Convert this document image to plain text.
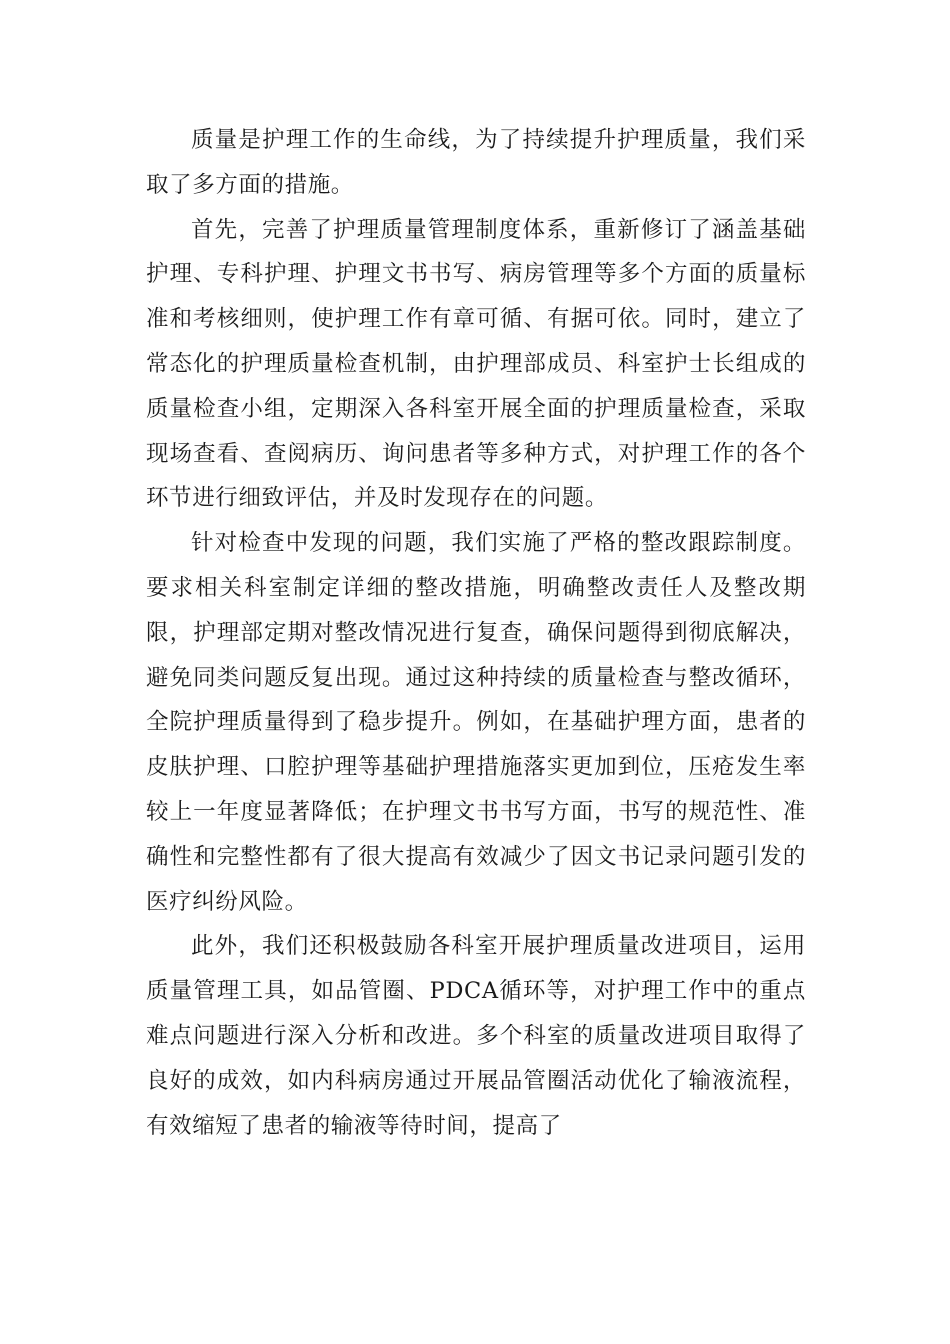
质量是护理工作的生命线，为了持续提升护理质量，我们采取了多方面的措施。

首先，完善了护理质量管理制度体系，重新修订了涵盖基础护理、专科护理、护理文书书写、病房管理等多个方面的质量标准和考核细则，使护理工作有章可循、有据可依。同时，建立了常态化的护理质量检查机制，由护理部成员、科室护士长组成的质量检查小组，定期深入各科室开展全面的护理质量检查，采取现场查看、查阅病历、询问患者等多种方式，对护理工作的各个环节进行细致评估，并及时发现存在的问题。

针对检查中发现的问题，我们实施了严格的整改跟踪制度。要求相关科室制定详细的整改措施，明确整改责任人及整改期限，护理部定期对整改情况进行复查，确保问题得到彻底解决，避免同类问题反复出现。通过这种持续的质量检查与整改循环，全院护理质量得到了稳步提升。例如，在基础护理方面，患者的皮肤护理、口腔护理等基础护理措施落实更加到位，压疮发生率较上一年度显著降低；在护理文书书写方面，书写的规范性、准确性和完整性都有了很大提高有效减少了因文书记录问题引发的医疗纠纷风险。

此外，我们还积极鼓励各科室开展护理质量改进项目，运用质量管理工具，如品管圈、PDCA循环等，对护理工作中的重点难点问题进行深入分析和改进。多个科室的质量改进项目取得了良好的成效，如内科病房通过开展品管圈活动优化了输液流程，有效缩短了患者的输液等待时间，提高了
